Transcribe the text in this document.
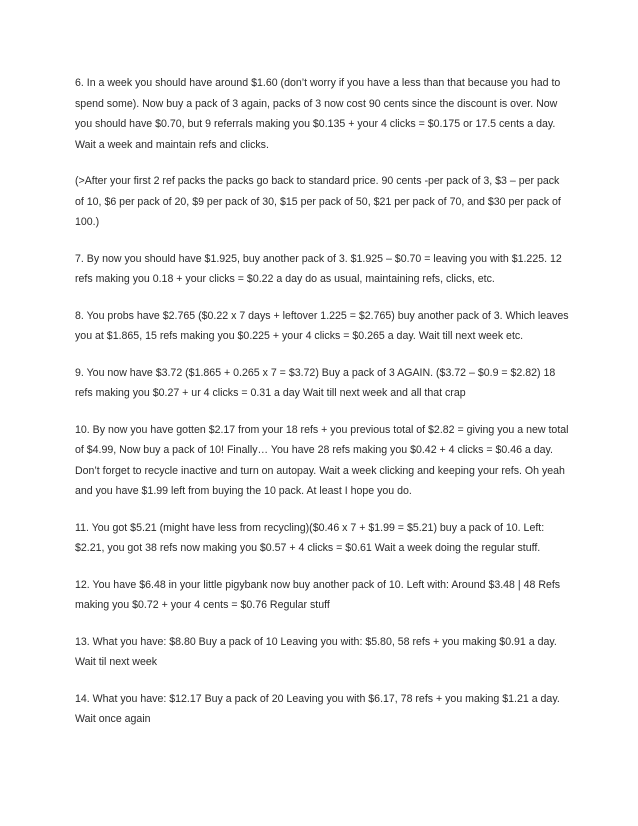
6. In a week you should have around $1.60 (don’t worry if you have a less than that because you had to spend some). Now buy a pack of 3 again, packs of 3 now cost 90 cents since the discount is over. Now you should have $0.70, but 9 referrals making you $0.135 + your 4 clicks = $0.175 or 17.5 cents a day. Wait a week and maintain refs and clicks.

(>After your first 2 ref packs the packs go back to standard price. 90 cents -per pack of 3, $3 – per pack of 10, $6 per pack of 20, $9 per pack of 30, $15 per pack of 50, $21 per pack of 70, and $30 per pack of 100.)

7. By now you should have $1.925, buy another pack of 3. $1.925 – $0.70 = leaving you with $1.225. 12 refs making you 0.18 + your clicks = $0.22 a day do as usual, maintaining refs, clicks, etc.

8. You probs have $2.765 ($0.22 x 7 days + leftover 1.225 = $2.765) buy another pack of 3. Which leaves you at $1.865, 15 refs making you $0.225 + your 4 clicks = $0.265 a day. Wait till next week etc.

9. You now have $3.72 ($1.865 + 0.265 x 7 = $3.72) Buy a pack of 3 AGAIN. ($3.72 – $0.9 = $2.82) 18 refs making you $0.27 + ur 4 clicks = 0.31 a day Wait till next week and all that crap

10. By now you have gotten $2.17 from your 18 refs + you previous total of $2.82 = giving you a new total of $4.99, Now buy a pack of 10! Finally… You have 28 refs making you $0.42 + 4 clicks = $0.46 a day. Don’t forget to recycle inactive and turn on autopay. Wait a week clicking and keeping your refs. Oh yeah and you have $1.99 left from buying the 10 pack. At least I hope you do.

11. You got $5.21 (might have less from recycling)($0.46 x 7 + $1.99 = $5.21) buy a pack of 10. Left: $2.21, you got 38 refs now making you $0.57 + 4 clicks = $0.61 Wait a week doing the regular stuff.

12. You have $6.48 in your little pigybank now buy another pack of 10. Left with: Around $3.48 | 48 Refs making you $0.72 + your 4 cents = $0.76 Regular stuff

13. What you have: $8.80 Buy a pack of 10 Leaving you with: $5.80, 58 refs + you making $0.91 a day. Wait til next week

14. What you have: $12.17 Buy a pack of 20 Leaving you with $6.17, 78 refs + you making $1.21 a day. Wait once again
